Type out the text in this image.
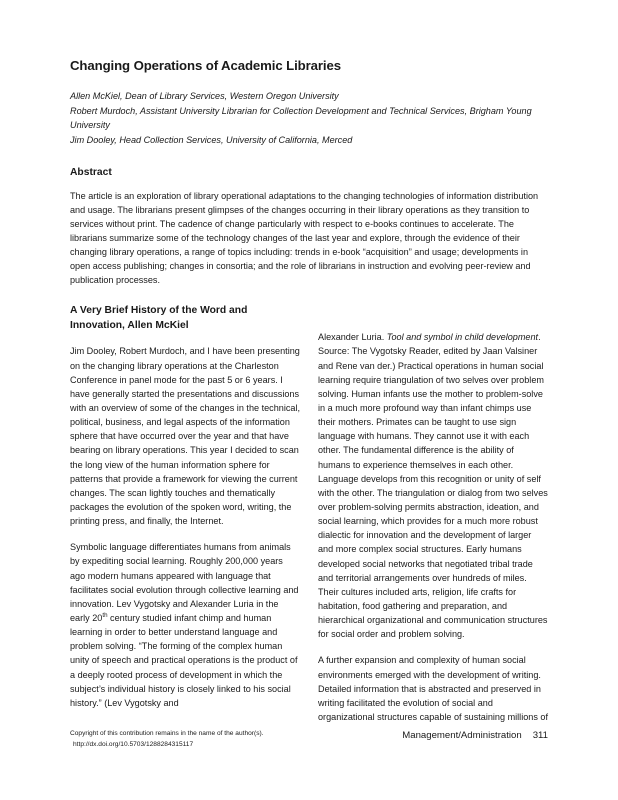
Changing Operations of Academic Libraries
Allen McKiel, Dean of Library Services, Western Oregon University
Robert Murdoch, Assistant University Librarian for Collection Development and Technical Services, Brigham Young University
Jim Dooley, Head Collection Services, University of California, Merced
Abstract

The article is an exploration of library operational adaptations to the changing technologies of information distribution and usage. The librarians present glimpses of the changes occurring in their library operations as they transition to services without print. The cadence of change particularly with respect to e-books continues to accelerate. The librarians summarize some of the technology changes of the last year and explore, through the evidence of their changing library operations, a range of topics including: trends in e-book “acquisition” and usage; developments in open access publishing; changes in consortia; and the role of librarians in instruction and evolving peer-review and publication processes.

A Very Brief History of the Word and Innovation, Allen McKiel

Jim Dooley, Robert Murdoch, and I have been presenting on the changing library operations at the Charleston Conference in panel mode for the past 5 or 6 years. I have generally started the presentations and discussions with an overview of some of the changes in the technical, political, business, and legal aspects of the information sphere that have occurred over the year and that have bearing on library operations. This year I decided to scan the long view of the human information sphere for patterns that provide a framework for viewing the current changes. The scan lightly touches and thematically packages the evolution of the spoken word, writing, the printing press, and finally, the Internet.

Symbolic language differentiates humans from animals by expediting social learning. Roughly 200,000 years ago modern humans appeared with language that facilitates social evolution through collective learning and innovation. Lev Vygotsky and Alexander Luria in the early 20th century studied infant chimp and human learning in order to better understand language and problem solving. “The forming of the complex human unity of speech and practical operations is the product of a deeply rooted process of development in which the subject’s individual history is closely linked to his social history.” (Lev Vygotsky and

Alexander Luria. Tool and symbol in child development. Source: The Vygotsky Reader, edited by Jaan Valsiner and Rene van der.) Practical operations in human social learning require triangulation of two selves over problem solving. Human infants use the mother to problem-solve in a much more profound way than infant chimps use their mothers. Primates can be taught to use sign language with humans. They cannot use it with each other. The fundamental difference is the ability of humans to experience themselves in each other. Language develops from this recognition or unity of self with the other. The triangulation or dialog from two selves over problem-solving permits abstraction, ideation, and social learning, which provides for a much more robust dialectic for innovation and the development of larger and more complex social structures. Early humans developed social networks that negotiated tribal trade and territorial arrangements over hundreds of miles. Their cultures included arts, religion, life crafts for habitation, food gathering and preparation, and hierarchical organizational and communication structures for social order and problem solving.

A further expansion and complexity of human social environments emerged with the development of writing. Detailed information that is abstracted and preserved in writing facilitated the evolution of social and organizational structures capable of sustaining millions of

Copyright of this contribution remains in the name of the author(s).
http://dx.doi.org/10.5703/1288284315117
Management/Administration 311
